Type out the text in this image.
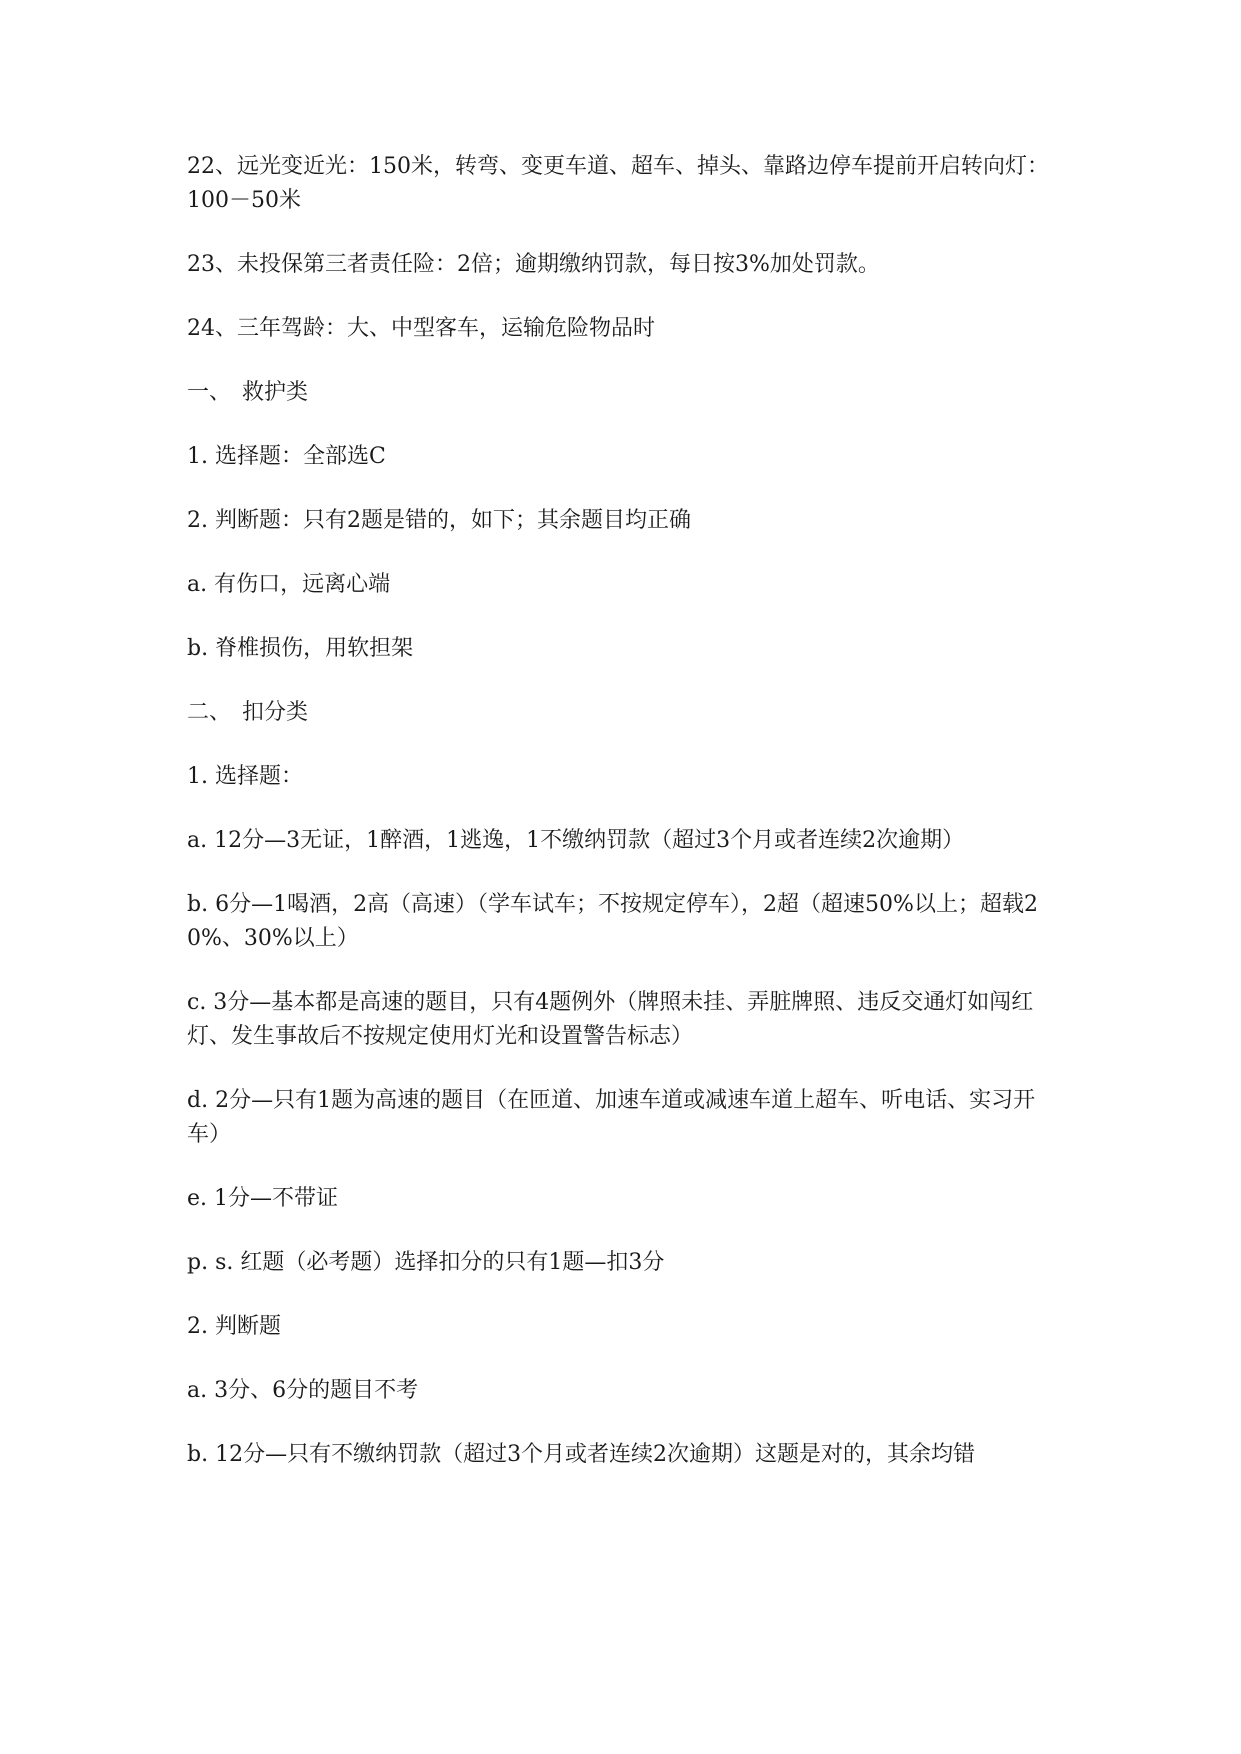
22、远光变近光：150米，转弯、变更车道、超车、掉头、靠路边停车提前开启转向灯：100－50米

23、未投保第三者责任险：2倍；逾期缴纳罚款，每日按3%加处罚款。

24、三年驾龄：大、中型客车，运输危险物品时

一、　救护类

1. 选择题：全部选C

2. 判断题：只有2题是错的，如下；其余题目均正确

a. 有伤口，远离心端

b. 脊椎损伤，用软担架

二、　扣分类

1. 选择题：

a. 12分—3无证，1醉酒，1逃逸，1不缴纳罚款（超过3个月或者连续2次逾期）

b. 6分—1喝酒，2高（高速）（学车试车；不按规定停车），2超（超速50%以上；超载20%、30%以上）

c. 3分—基本都是高速的题目，只有4题例外（牌照未挂、弄脏牌照、违反交通灯如闯红灯、发生事故后不按规定使用灯光和设置警告标志）

d. 2分—只有1题为高速的题目（在匝道、加速车道或减速车道上超车、听电话、实习开车）

e. 1分—不带证

p. s. 红题（必考题）选择扣分的只有1题—扣3分

2. 判断题

a. 3分、6分的题目不考

b. 12分—只有不缴纳罚款（超过3个月或者连续2次逾期）这题是对的，其余均错
